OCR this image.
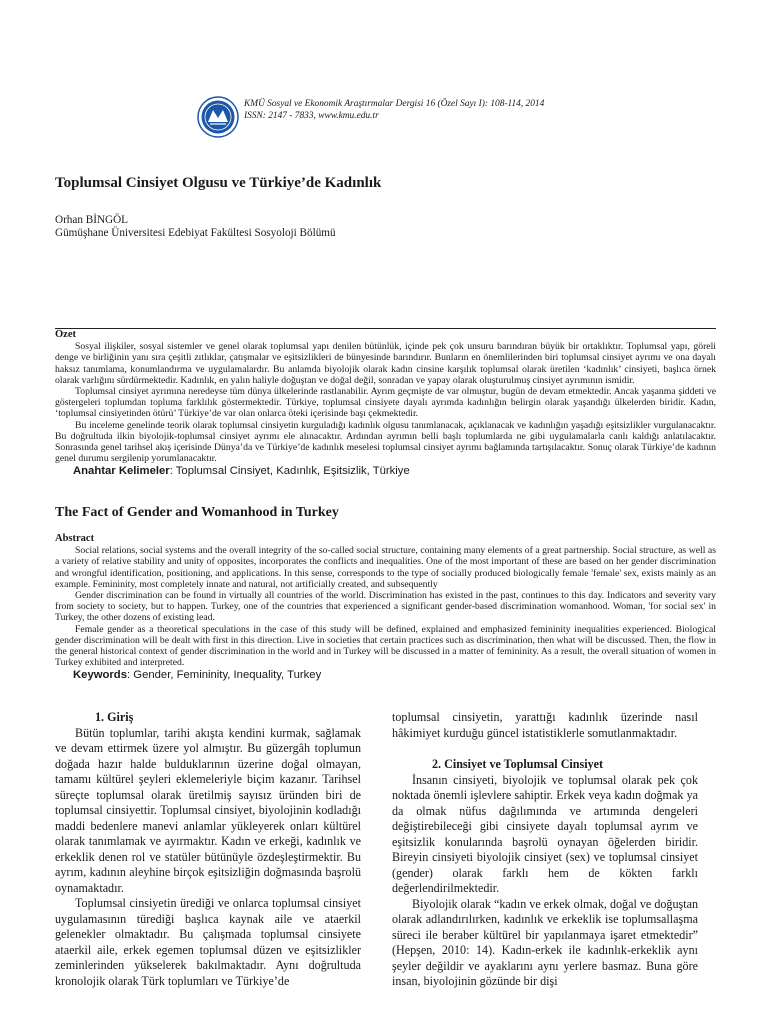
KMÜ Sosyal ve Ekonomik Araştırmalar Dergisi 16 (Özel Sayı I): 108-114, 2014
ISSN: 2147 - 7833, www.kmu.edu.tr
Toplumsal Cinsiyet Olgusu ve Türkiye’de Kadınlık
Orhan BİNGÖL
Gümüşhane Üniversitesi Edebiyat Fakültesi Sosyoloji Bölümü

Özet

Sosyal ilişkiler, sosyal sistemler ve genel olarak toplumsal yapı denilen bütünlük, içinde pek çok unsuru barındıran büyük bir ortaklıktır. Toplumsal yapı, göreli denge ve birliğinin yanı sıra çeşitli zıtlıklar, çatışmalar ve eşitsizlikleri de bünyesinde barındırır. Bunların en önemlilerinden biri toplumsal cinsiyet ayrımı ve ona dayalı haksız tanımlama, konumlandırma ve uygulamalardır. Bu anlamda biyolojik olarak kadın cinsine karşılık toplumsal olarak üretilen ‘kadınlık’ cinsiyeti, başlıca örnek olarak varlığını sürdürmektedir. Kadınlık, en yalın haliyle doğuştan ve doğal değil, sonradan ve yapay olarak oluşturulmuş cinsiyet ayrımının ismidir.

Toplumsal cinsiyet ayrımına neredeyse tüm dünya ülkelerinde rastlanabilir. Ayrım geçmişte de var olmuştur, bugün de devam etmektedir. Ancak yaşanma şiddeti ve göstergeleri toplumdan topluma farklılık göstermektedir. Türkiye, toplumsal cinsiyete dayalı ayrımda kadınlığın belirgin olarak yaşandığı ülkelerden biridir. Kadın, ‘toplumsal cinsiyetinden ötürü’ Türkiye’de var olan onlarca öteki içerisinde başı çekmektedir.

Bu inceleme genelinde teorik olarak toplumsal cinsiyetin kurguladığı kadınlık olgusu tanımlanacak, açıklanacak ve kadınlığın yaşadığı eşitsizlikler vurgulanacaktır. Bu doğrultuda ilkin biyolojik-toplumsal cinsiyet ayrımı ele alınacaktır. Ardından ayrımın belli başlı toplumlarda ne gibi uygulamalarla canlı kaldığı anlatılacaktır. Sonrasında genel tarihsel akış içerisinde Dünya’da ve Türkiye’de kadınlık meselesi toplumsal cinsiyet ayrımı bağlamında tartışılacaktır. Sonuç olarak Türkiye’de kadının genel durumu sergilenip yorumlanacaktır.

Anahtar Kelimeler: Toplumsal Cinsiyet, Kadınlık, Eşitsizlik, Türkiye

The Fact of Gender and Womanhood in Turkey

Abstract

Social relations, social systems and the overall integrity of the so-called social structure, containing many elements of a great partnership. Social structure, as well as a variety of relative stability and unity of opposites, incorporates the conflicts and inequalities. One of the most important of these are based on her gender discrimination and wrongful identification, positioning, and applications. In this sense, corresponds to the type of socially produced biologically female 'female' sex, exists mainly as an example. Femininity, most completely innate and natural, not artificially created, and subsequently

Gender discrimination can be found in virtually all countries of the world. Discrimination has existed in the past, continues to this day. Indicators and severity vary from society to society, but to happen. Turkey, one of the countries that experienced a significant gender-based discrimination womanhood. Woman, 'for social sex' in Turkey, the other dozens of existing lead.

Female gender as a theoretical speculations in the case of this study will be defined, explained and emphasized femininity inequalities experienced. Biological gender discrimination will be dealt with first in this direction. Live in societies that certain practices such as discrimination, then what will be discussed. Then, the flow in the general historical context of gender discrimination in the world and in Turkey will be discussed in a matter of femininity. As a result, the overall situation of women in Turkey exhibited and interpreted.

Keywords: Gender, Femininity, Inequality, Turkey

1. Giriş

Bütün toplumlar, tarihi akışta kendini kurmak, sağlamak ve devam ettirmek üzere yol almıştır. Bu güzergâh toplumun doğada hazır halde bulduklarının üzerine doğal olmayan, tamamı kültürel şeyleri eklemeleriyle biçim kazanır. Tarihsel süreçte toplumsal olarak üretilmiş sayısız üründen biri de toplumsal cinsiyettir. Toplumsal cinsiyet, biyolojinin kodladığı maddi bedenlere manevi anlamlar yükleyerek onları kültürel olarak tanımlamak ve ayırmaktır. Kadın ve erkeği, kadınlık ve erkeklik denen rol ve statüler bütünüyle özdeşleştirmektir. Bu ayrım, kadının aleyhine birçok eşitsizliğin doğmasında başrolü oynamaktadır.

Toplumsal cinsiyetin ürediği ve onlarca toplumsal cinsiyet uygulamasının türediği başlıca kaynak aile ve ataerkil gelenekler olmaktadır. Bu çalışmada toplumsal cinsiyete ataerkil aile, erkek egemen toplumsal düzen ve eşitsizlikler zeminlerinden yükselerek bakılmaktadır. Aynı doğrultuda kronolojik olarak Türk toplumları ve Türkiye’de

toplumsal cinsiyetin, yarattığı kadınlık üzerinde nasıl hâkimiyet kurduğu güncel istatistiklerle somutlanmaktadır.

2. Cinsiyet ve Toplumsal Cinsiyet

İnsanın cinsiyeti, biyolojik ve toplumsal olarak pek çok noktada önemli işlevlere sahiptir. Erkek veya kadın doğmak ya da olmak nüfus dağılımında ve artımında dengeleri değiştirebileceği gibi cinsiyete dayalı toplumsal ayrım ve eşitsizlik konularında başrolü oynayan öğelerden biridir. Bireyin cinsiyeti biyolojik cinsiyet (sex) ve toplumsal cinsiyet (gender) olarak farklı hem de kökten farklı değerlendirilmektedir.

Biyolojik olarak “kadın ve erkek olmak, doğal ve doğuştan olarak adlandırılırken, kadınlık ve erkeklik ise toplumsallaşma süreci ile beraber kültürel bir yapılanmaya işaret etmektedir” (Hepşen, 2010: 14). Kadın-erkek ile kadınlık-erkeklik aynı şeyler değildir ve ayaklarını aynı yerlere basmaz. Buna göre insan, biyolojinin gözünde bir dişi
